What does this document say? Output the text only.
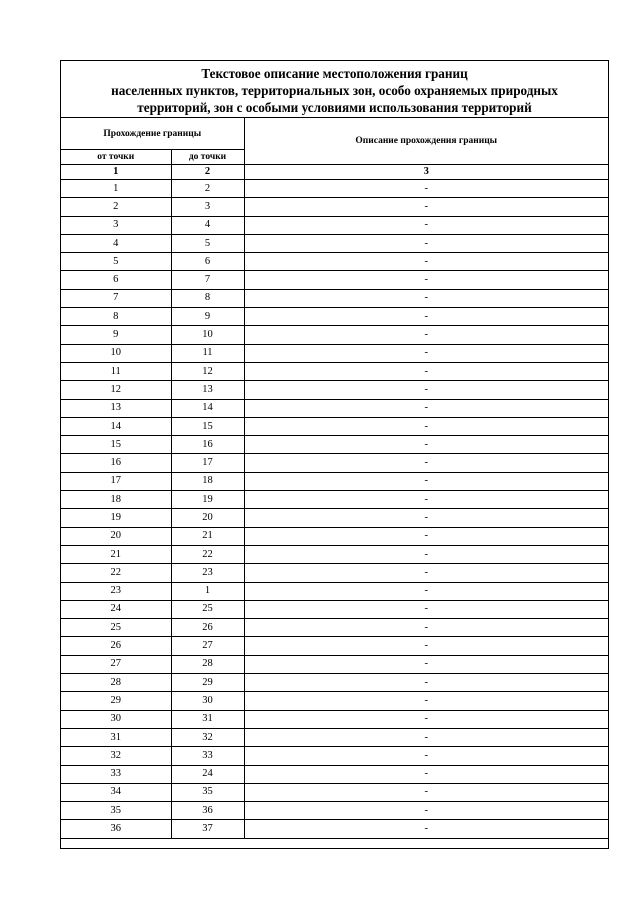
Текстовое описание местоположения границ
населенных пунктов, территориальных зон, особо охраняемых природных
территорий, зон с особыми условиями использования территорий
Прохождение границы		Описание прохождения границы
от точки	до точки	
1	2	3
1	2	-
2	3	-
3	4	-
4	5	-
5	6	-
6	7	-
7	8	-
8	9	-
9	10	-
10	11	-
11	12	-
12	13	-
13	14	-
14	15	-
15	16	-
16	17	-
17	18	-
18	19	-
19	20	-
20	21	-
21	22	-
22	23	-
23	1	-
24	25	-
25	26	-
26	27	-
27	28	-
28	29	-
29	30	-
30	31	-
31	32	-
32	33	-
33	24	-
34	35	-
35	36	-
36	37	-
